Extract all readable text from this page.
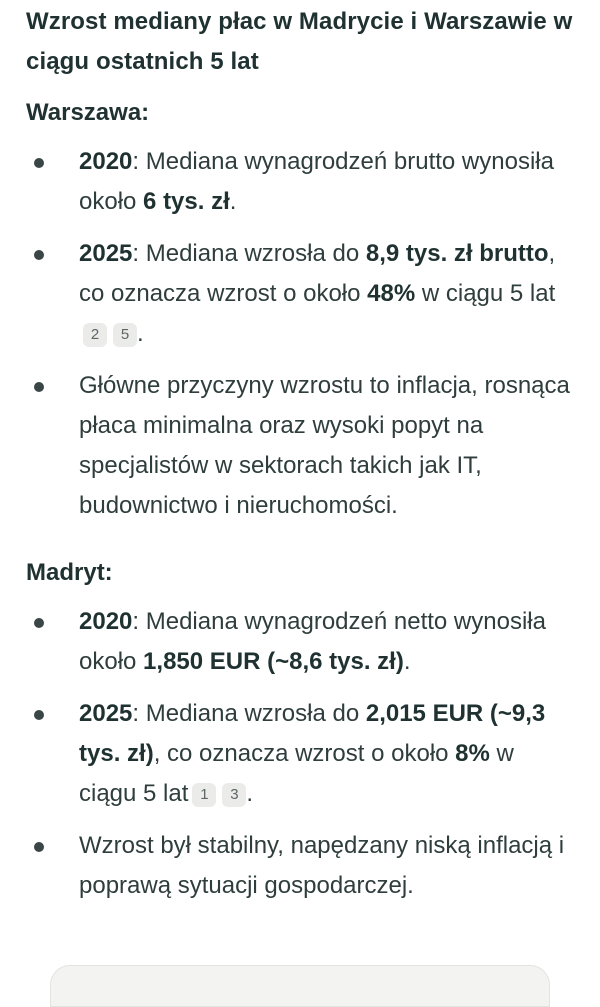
Wzrost mediany płac w Madrycie i Warszawie w ciągu ostatnich 5 lat
Warszawa:
2020: Mediana wynagrodzeń brutto wynosiła około 6 tys. zł.
2025: Mediana wzrosła do 8,9 tys. zł brutto, co oznacza wzrost o około 48% w ciągu 5 lat2 5 .
Główne przyczyny wzrostu to inflacja, rosnąca płaca minimalna oraz wysoki popyt na specjalistów w sektorach takich jak IT, budownictwo i nieruchomości.
Madryt:
2020: Mediana wynagrodzeń netto wynosiła około 1,850 EUR (~8,6 tys. zł).
2025: Mediana wzrosła do 2,015 EUR (~9,3 tys. zł), co oznacza wzrost o około 8% w ciągu 5 lat 1 3 .
Wzrost był stabilny, napędzany niską inflacją i poprawą sytuacji gospodarczej.
